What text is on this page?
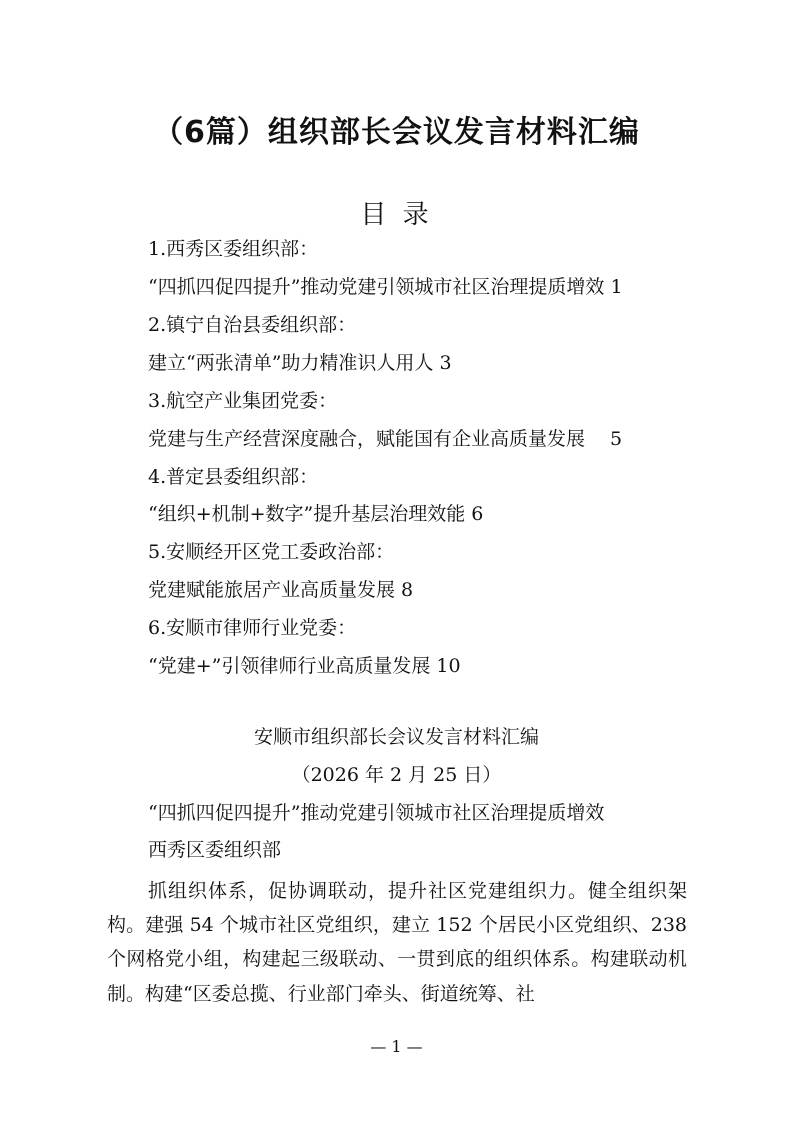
（6篇）组织部长会议发言材料汇编
目 录
1.西秀区委组织部：
“四抓四促四提升”推动党建引领城市社区治理提质增效 1
2.镇宁自治县委组织部：
建立“两张清单”助力精准识人用人 3
3.航空产业集团党委：
党建与生产经营深度融合，赋能国有企业高质量发展　 5
4.普定县委组织部：
“组织+机制+数字”提升基层治理效能 6
5.安顺经开区党工委政治部：
党建赋能旅居产业高质量发展 8
6.安顺市律师行业党委：
“党建+”引领律师行业高质量发展 10
安顺市组织部长会议发言材料汇编
（2026 年 2 月 25 日）
“四抓四促四提升”推动党建引领城市社区治理提质增效
西秀区委组织部
抓组织体系，促协调联动，提升社区党建组织力。健全组织架构。建强 54 个城市社区党组织，建立 152 个居民小区党组织、238 个网格党小组，构建起三级联动、一贯到底的组织体系。构建联动机制。构建“区委总揽、行业部门牵头、街道统筹、社
— 1 —
